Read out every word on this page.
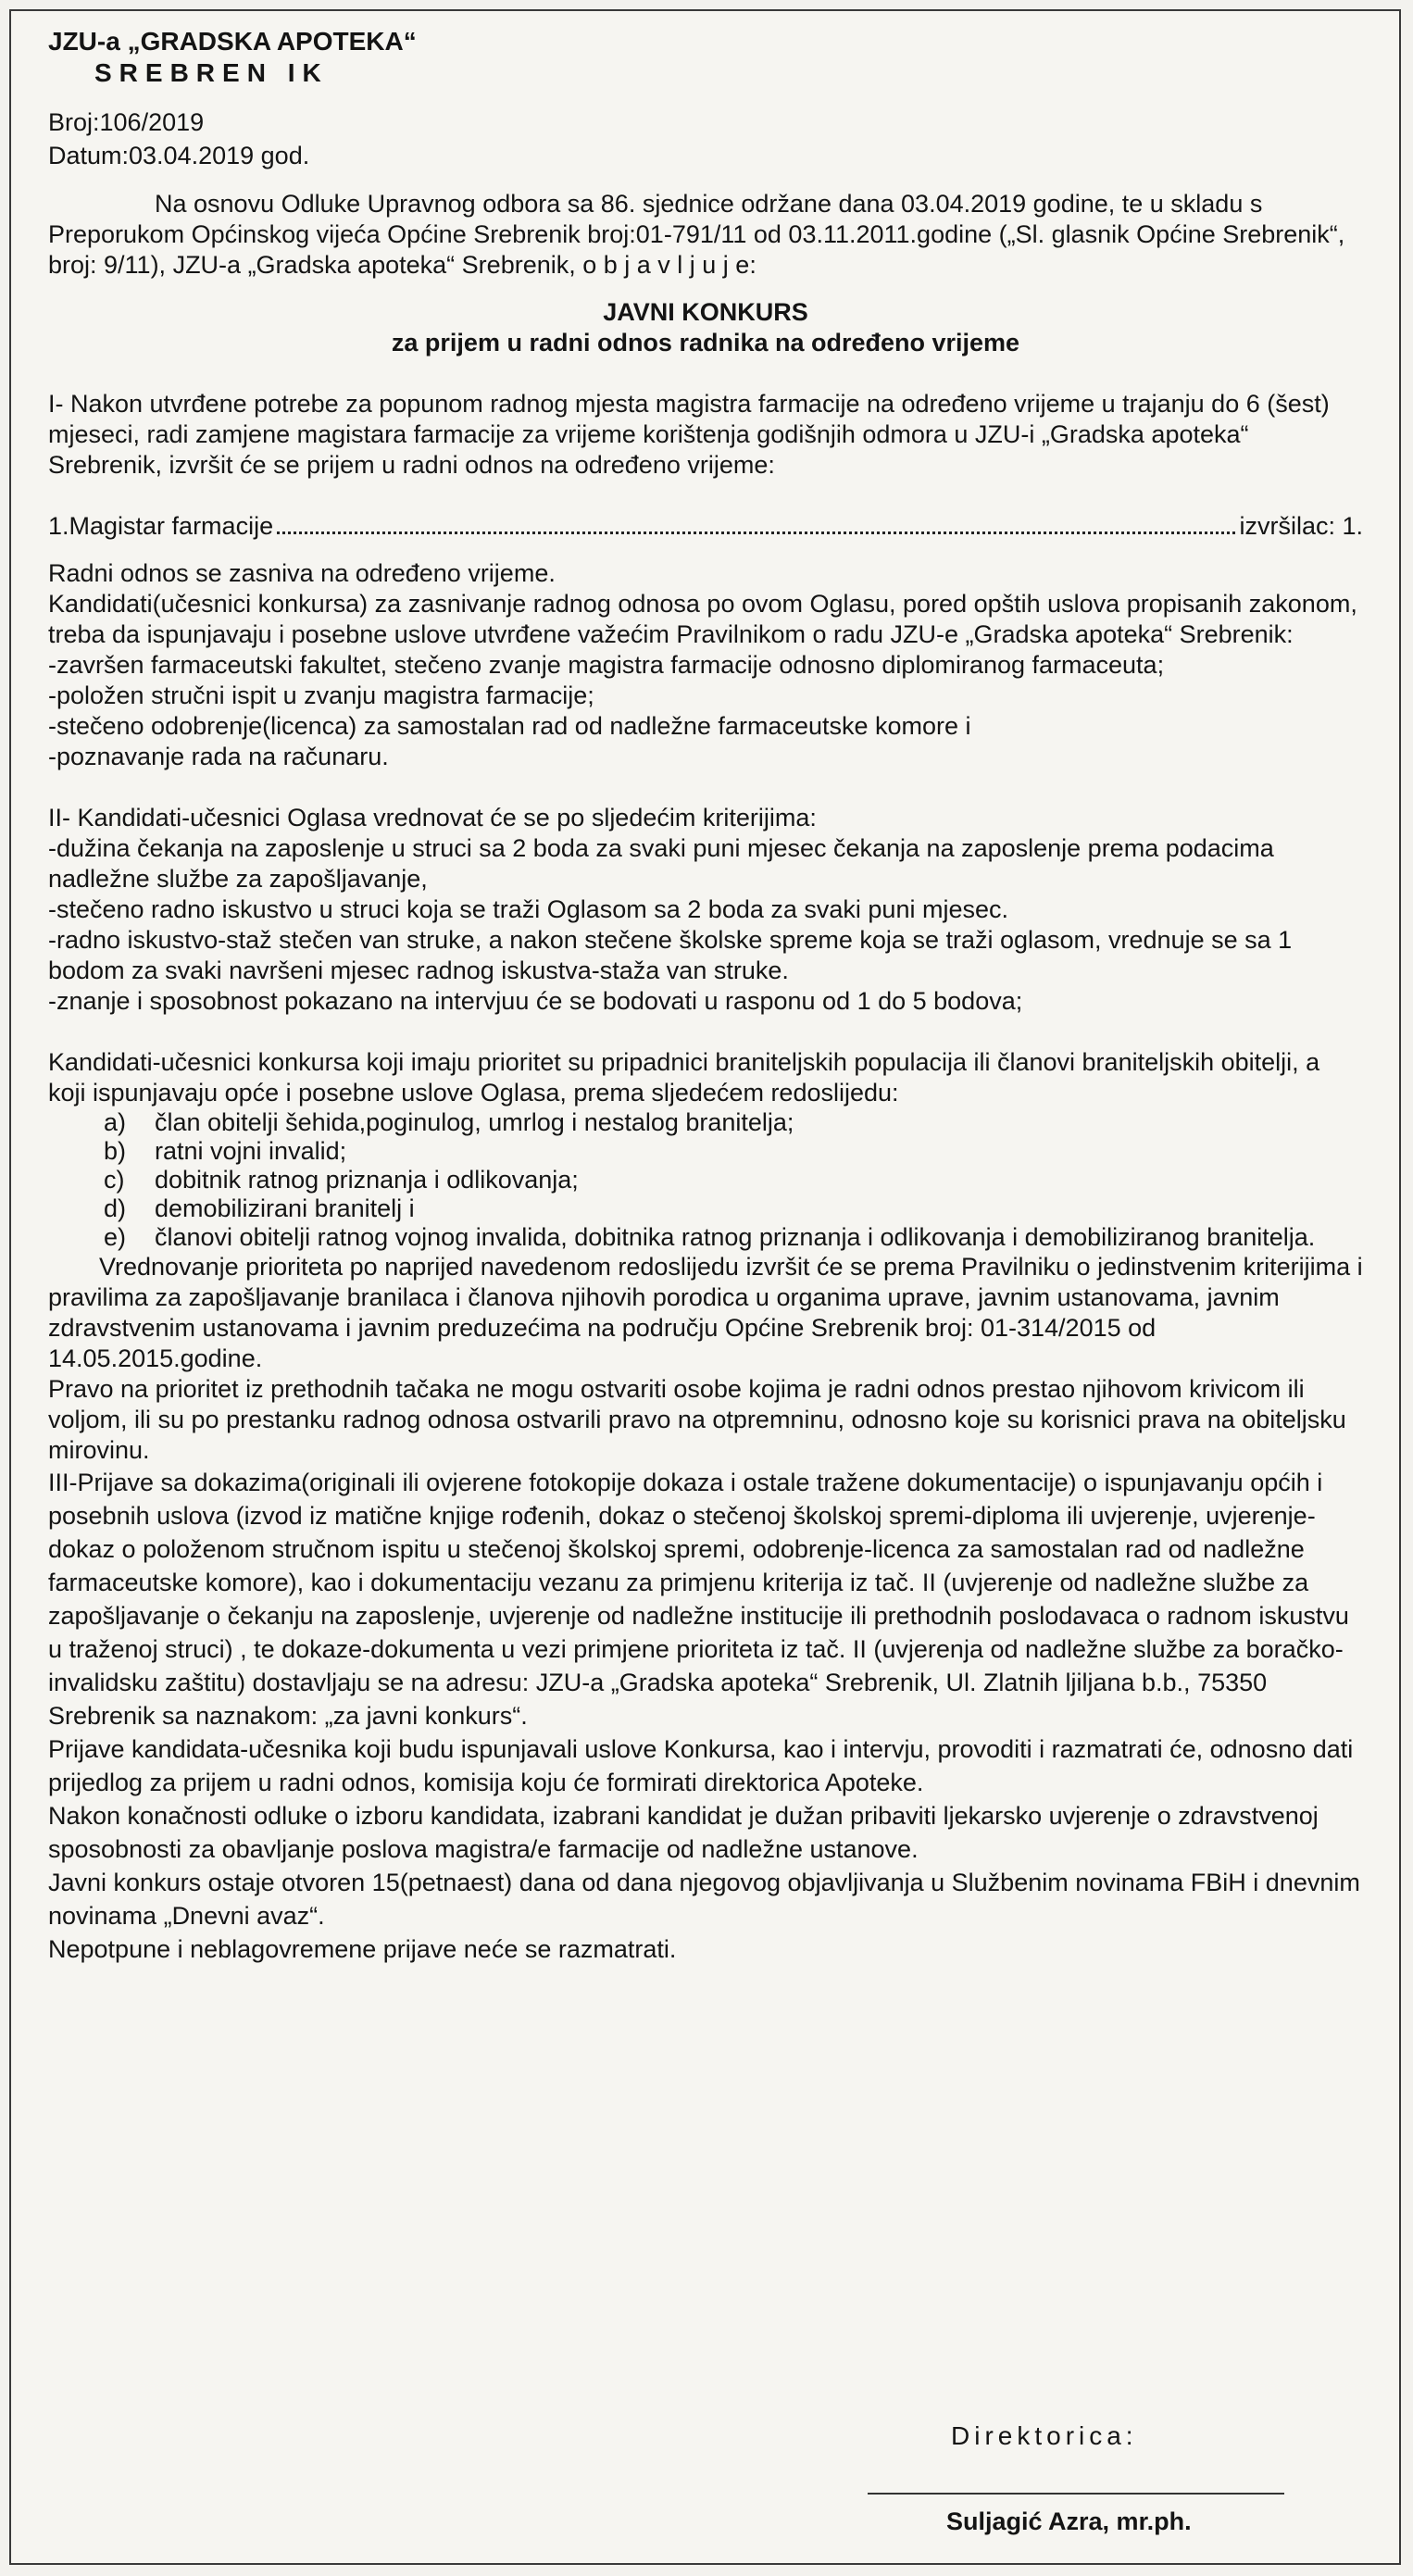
JZU-a „GRADSKA APOTEKA“

SREBREN IK

Broj:106/2019

Datum:03.04.2019 god.

Na osnovu Odluke Upravnog odbora sa 86. sjednice održane dana 03.04.2019 godine, te u skladu s Preporukom Općinskog vijeća Općine Srebrenik broj:01-791/11 od 03.11.2011.godine („Sl. glasnik Općine Srebrenik“, broj: 9/11), JZU-a „Gradska apoteka“ Srebrenik, o b j a v l j u j e:

JAVNI KONKURS

za prijem u radni odnos radnika na određeno vrijeme

I- Nakon utvrđene potrebe za popunom radnog mjesta magistra farmacije na određeno vrijeme u trajanju do 6 (šest) mjeseci, radi zamjene magistara farmacije za vrijeme korištenja godišnjih odmora u JZU-i „Gradska apoteka“ Srebrenik, izvršit će se prijem u radni odnos na određeno vrijeme:

1.Magistar farmacije	izvršilac: 1.

Radni odnos se zasniva na određeno vrijeme.

Kandidati(učesnici konkursa) za zasnivanje radnog odnosa po ovom Oglasu, pored opštih uslova propisanih zakonom, treba da ispunjavaju i posebne uslove utvrđene važećim Pravilnikom o radu JZU-e „Gradska apoteka“ Srebrenik:

-završen farmaceutski fakultet, stečeno zvanje magistra farmacije odnosno diplomiranog farmaceuta;

-položen stručni ispit u zvanju magistra farmacije;

-stečeno odobrenje(licenca) za samostalan rad od nadležne farmaceutske komore i

-poznavanje rada na računaru.

II- Kandidati-učesnici Oglasa vrednovat će se po sljedećim kriterijima:

-dužina čekanja na zaposlenje u struci sa 2 boda za svaki puni mjesec čekanja na zaposlenje prema podacima nadležne službe za zapošljavanje,

-stečeno radno iskustvo u struci koja se traži Oglasom sa 2 boda za svaki puni mjesec.

-radno iskustvo-staž stečen van struke, a nakon stečene školske spreme koja se traži oglasom, vrednuje se sa 1 bodom za svaki navršeni mjesec radnog iskustva-staža van struke.

-znanje i sposobnost pokazano na intervjuu će se bodovati u rasponu od 1 do 5 bodova;

Kandidati-učesnici konkursa koji imaju prioritet su pripadnici braniteljskih populacija ili članovi braniteljskih obitelji, a koji ispunjavaju opće i posebne uslove Oglasa, prema sljedećem redoslijedu:

a)	član obitelji šehida,poginulog, umrlog i nestalog branitelja;
b)	ratni vojni invalid;
c)	dobitnik ratnog priznanja i odlikovanja;
d)	demobilizirani branitelj i
e)	članovi obitelji ratnog vojnog invalida, dobitnika ratnog priznanja i odlikovanja i demobiliziranog branitelja.

Vrednovanje prioriteta po naprijed navedenom redoslijedu izvršit će se prema Pravilniku o jedinstvenim kriterijima i pravilima za zapošljavanje branilaca i članova njihovih porodica u organima uprave, javnim ustanovama, javnim zdravstvenim ustanovama i javnim preduzećima na području Općine Srebrenik broj: 01-314/2015 od 14.05.2015.godine.

Pravo na prioritet iz prethodnih tačaka ne mogu ostvariti osobe kojima je radni odnos prestao njihovom krivicom ili voljom, ili su po prestanku radnog odnosa ostvarili pravo na otpremninu, odnosno koje su korisnici prava na obiteljsku mirovinu.

III-Prijave sa dokazima(originali ili ovjerene fotokopije dokaza i ostale tražene dokumentacije) o ispunjavanju općih i posebnih uslova (izvod iz matične knjige rođenih, dokaz o stečenoj školskoj spremi-diploma ili uvjerenje, uvjerenje-dokaz o položenom stručnom ispitu u stečenoj školskoj spremi, odobrenje-licenca za samostalan rad od nadležne farmaceutske komore), kao i dokumentaciju vezanu za primjenu kriterija iz tač. II (uvjerenje od nadležne službe za zapošljavanje o čekanju na zaposlenje, uvjerenje od nadležne institucije ili prethodnih poslodavaca o radnom iskustvu u traženoj struci) , te dokaze-dokumenta u vezi primjene prioriteta iz tač. II (uvjerenja od nadležne službe za boračko-invalidsku zaštitu) dostavljaju se na adresu: JZU-a „Gradska apoteka“ Srebrenik, Ul. Zlatnih ljiljana b.b., 75350 Srebrenik sa naznakom: „za javni konkurs“.

Prijave kandidata-učesnika koji budu ispunjavali uslove Konkursa, kao i intervju, provoditi i razmatrati će, odnosno dati prijedlog za prijem u radni odnos, komisija koju će formirati direktorica Apoteke.

Nakon konačnosti odluke o izboru kandidata, izabrani kandidat je dužan pribaviti ljekarsko uvjerenje o zdravstvenoj sposobnosti za obavljanje poslova magistra/e farmacije od nadležne ustanove.

Javni konkurs ostaje otvoren 15(petnaest) dana od dana njegovog objavljivanja u Službenim novinama FBiH i dnevnim novinama „Dnevni avaz“.

Nepotpune i neblagovremene prijave neće se razmatrati.

Direktorica:
Suljagić Azra, mr.ph.
